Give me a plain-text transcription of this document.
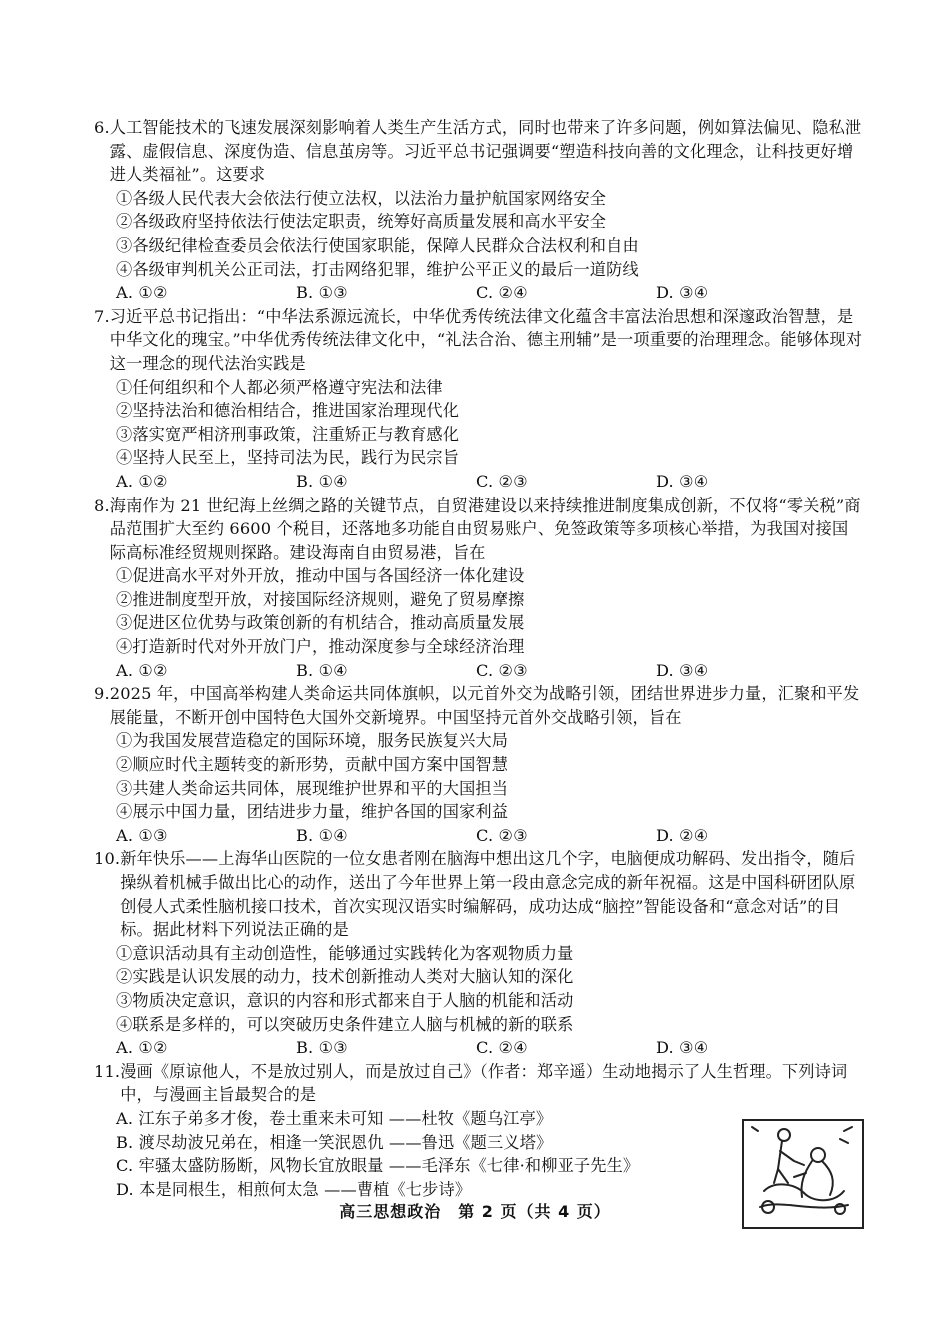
6. 人工智能技术的飞速发展深刻影响着人类生产生活方式，同时也带来了许多问题，例如算法偏见、隐私泄露、虚假信息、深度伪造、信息茧房等。习近平总书记强调要“塑造科技向善的文化理念，让科技更好增进人类福祉”。这要求
①各级人民代表大会依法行使立法权，以法治力量护航国家网络安全
②各级政府坚持依法行使法定职责，统筹好高质量发展和高水平安全
③各级纪律检查委员会依法行使国家职能，保障人民群众合法权利和自由
④各级审判机关公正司法，打击网络犯罪，维护公平正义的最后一道防线
A. ①②	B. ①③	C. ②④	D. ③④
7. 习近平总书记指出：“中华法系源远流长，中华优秀传统法律文化蕴含丰富法治思想和深邃政治智慧，是中华文化的瑰宝。”中华优秀传统法律文化中，“礼法合治、德主刑辅”是一项重要的治理理念。能够体现对这一理念的现代法治实践是
①任何组织和个人都必须严格遵守宪法和法律
②坚持法治和德治相结合，推进国家治理现代化
③落实宽严相济刑事政策，注重矫正与教育感化
④坚持人民至上，坚持司法为民，践行为民宗旨
A. ①②	B. ①④	C. ②③	D. ③④
8. 海南作为 21 世纪海上丝绸之路的关键节点，自贸港建设以来持续推进制度集成创新，不仅将“零关税”商品范围扩大至约 6600 个税目，还落地多功能自由贸易账户、免签政策等多项核心举措，为我国对接国际高标准经贸规则探路。建设海南自由贸易港，旨在
①促进高水平对外开放，推动中国与各国经济一体化建设
②推进制度型开放，对接国际经济规则，避免了贸易摩擦
③促进区位优势与政策创新的有机结合，推动高质量发展
④打造新时代对外开放门户，推动深度参与全球经济治理
A. ①②	B. ①④	C. ②③	D. ③④
9. 2025 年，中国高举构建人类命运共同体旗帜，以元首外交为战略引领，团结世界进步力量，汇聚和平发展能量，不断开创中国特色大国外交新境界。中国坚持元首外交战略引领，旨在
①为我国发展营造稳定的国际环境，服务民族复兴大局
②顺应时代主题转变的新形势，贡献中国方案中国智慧
③共建人类命运共同体，展现维护世界和平的大国担当
④展示中国力量，团结进步力量，维护各国的国家利益
A. ①③	B. ①④	C. ②③	D. ②④
10. 新年快乐——上海华山医院的一位女患者刚在脑海中想出这几个字，电脑便成功解码、发出指令，随后操纵着机械手做出比心的动作，送出了今年世界上第一段由意念完成的新年祝福。这是中国科研团队原创侵人式柔性脑机接口技术，首次实现汉语实时编解码，成功达成“脑控”智能设备和“意念对话”的目标。据此材料下列说法正确的是
①意识活动具有主动创造性，能够通过实践转化为客观物质力量
②实践是认识发展的动力，技术创新推动人类对大脑认知的深化
③物质决定意识，意识的内容和形式都来自于人脑的机能和活动
④联系是多样的，可以突破历史条件建立人脑与机械的新的联系
A. ①②	B. ①③	C. ②④	D. ③④
11. 漫画《原谅他人，不是放过别人，而是放过自己》（作者：郑辛遥）生动地揭示了人生哲理。下列诗词中，与漫画主旨最契合的是
A. 江东子弟多才俊，卷土重来未可知 ——杜牧《题乌江亭》
B. 渡尽劫波兄弟在，相逢一笑泯恩仇 ——鲁迅《题三义塔》
C. 牢骚太盛防肠断，风物长宜放眼量 ——毛泽东《七律·和柳亚子先生》
D. 本是同根生，相煎何太急 ——曹植《七步诗》
高三思想政治　第 2 页（共 4 页）
